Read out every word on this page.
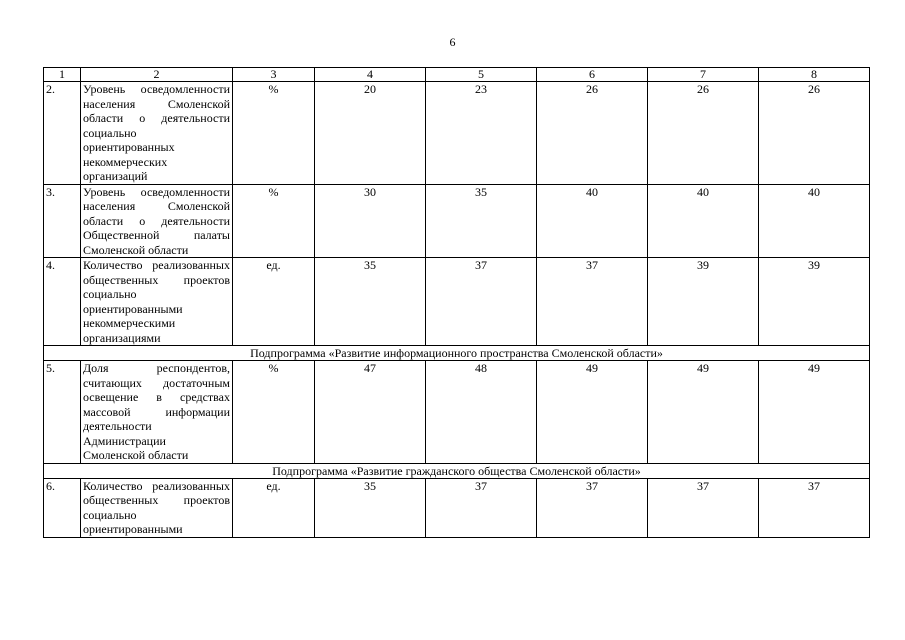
6
1	2	3	4	5	6	7	8
2.	Уровень осведомленности населения Смоленской области о деятельности социально ориентированных некоммерческих организаций	%	20	23	26	26	26
3.	Уровень осведомленности населения Смоленской области о деятельности Общественной палаты Смоленской области	%	30	35	40	40	40
4.	Количество реализованных общественных проектов социально ориентированными некоммерческими организациями	ед.	35	37	37	39	39
Подпрограмма «Развитие информационного пространства Смоленской области»							
5.	Доля респондентов, считающих достаточным освещение в средствах массовой информации деятельности Администрации Смоленской области	%	47	48	49	49	49
Подпрограмма «Развитие гражданского общества Смоленской области»							
6.	Количество реализованных общественных проектов социально ориентированными	ед.	35	37	37	37	37
